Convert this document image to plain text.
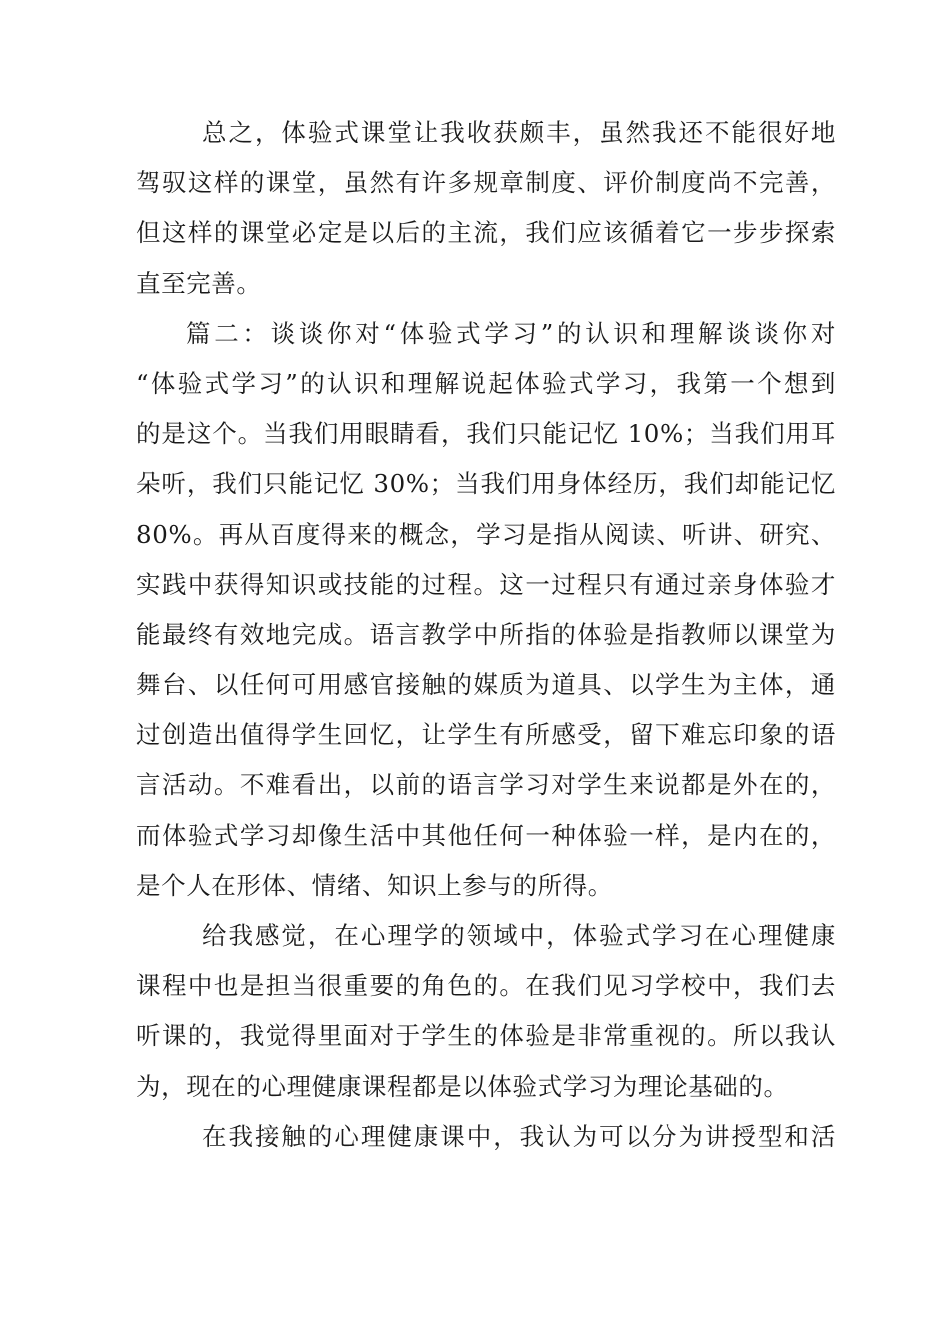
总之，体验式课堂让我收获颇丰，虽然我还不能很好地
驾驭这样的课堂，虽然有许多规章制度、评价制度尚不完善，
但这样的课堂必定是以后的主流，我们应该循着它一步步探索
直至完善。
篇二：谈谈你对“体验式学习”的认识和理解谈谈你对
“体验式学习”的认识和理解说起体验式学习，我第一个想到
的是这个。当我们用眼睛看，我们只能记忆 10%；当我们用耳
朵听，我们只能记忆 30%；当我们用身体经历，我们却能记忆
80%。再从百度得来的概念，学习是指从阅读、听讲、研究、
实践中获得知识或技能的过程。这一过程只有通过亲身体验才
能最终有效地完成。语言教学中所指的体验是指教师以课堂为
舞台、以任何可用感官接触的媒质为道具、以学生为主体，通
过创造出值得学生回忆，让学生有所感受，留下难忘印象的语
言活动。不难看出，以前的语言学习对学生来说都是外在的，
而体验式学习却像生活中其他任何一种体验一样，是内在的，
是个人在形体、情绪、知识上参与的所得。
给我感觉，在心理学的领域中，体验式学习在心理健康
课程中也是担当很重要的角色的。在我们见习学校中，我们去
听课的，我觉得里面对于学生的体验是非常重视的。所以我认
为，现在的心理健康课程都是以体验式学习为理论基础的。
在我接触的心理健康课中，我认为可以分为讲授型和活
